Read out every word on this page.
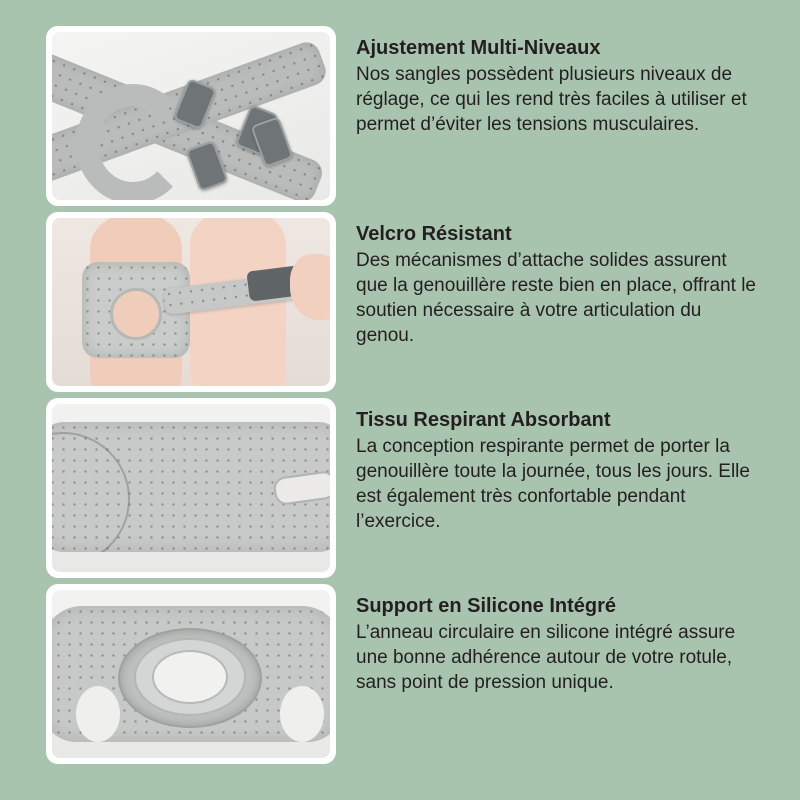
Ajustement Multi-Niveaux

Nos sangles possèdent plusieurs niveaux de réglage, ce qui les rend très faciles à utiliser et permet d’éviter les tensions musculaires.

Velcro Résistant

Des mécanismes d’attache solides assurent que la genouillère reste bien en place, offrant le soutien nécessaire à votre articulation du genou.

Tissu Respirant Absorbant

La conception respirante permet de porter la genouillère toute la journée, tous les jours. Elle est également très confortable pendant l’exercice.

Support en Silicone Intégré

L’anneau circulaire en silicone intégré assure une bonne adhérence autour de votre rotule, sans point de pression unique.
